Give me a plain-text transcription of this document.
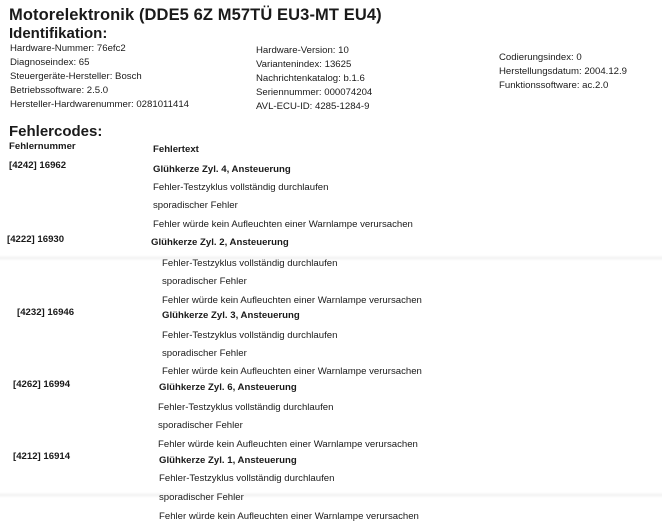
Motorelektronik (DDE5 6Z M57TÜ EU3-MT EU4)
Identifikation:
Hardware-Nummer: 76efc2
Diagnoseindex: 65
Steuergeräte-Hersteller: Bosch
Betriebssoftware: 2.5.0
Hersteller-Hardwarenummer: 0281011414
Hardware-Version: 10
Variantenindex: 13625
Nachrichtenkatalog: b.1.6
Seriennummer: 000074204
AVL-ECU-ID: 4285-1284-9
Codierungsindex: 0
Herstellungsdatum: 2004.12.9
Funktionssoftware: ac.2.0
Fehlercodes:
Fehlernummer	Fehlertext
[4242] 16962	Glühkerze Zyl. 4, Ansteuerung
Fehler-Testzyklus vollständig durchlaufen
sporadischer Fehler
Fehler würde kein Aufleuchten einer Warnlampe verursachen
[4222] 16930	Glühkerze Zyl. 2, Ansteuerung
Fehler-Testzyklus vollständig durchlaufen
sporadischer Fehler
Fehler würde kein Aufleuchten einer Warnlampe verursachen
[4232] 16946	Glühkerze Zyl. 3, Ansteuerung
Fehler-Testzyklus vollständig durchlaufen
sporadischer Fehler
Fehler würde kein Aufleuchten einer Warnlampe verursachen
[4262] 16994	Glühkerze Zyl. 6, Ansteuerung
Fehler-Testzyklus vollständig durchlaufen
sporadischer Fehler
Fehler würde kein Aufleuchten einer Warnlampe verursachen
[4212] 16914	Glühkerze Zyl. 1, Ansteuerung
Fehler-Testzyklus vollständig durchlaufen
sporadischer Fehler
Fehler würde kein Aufleuchten einer Warnlampe verursachen
